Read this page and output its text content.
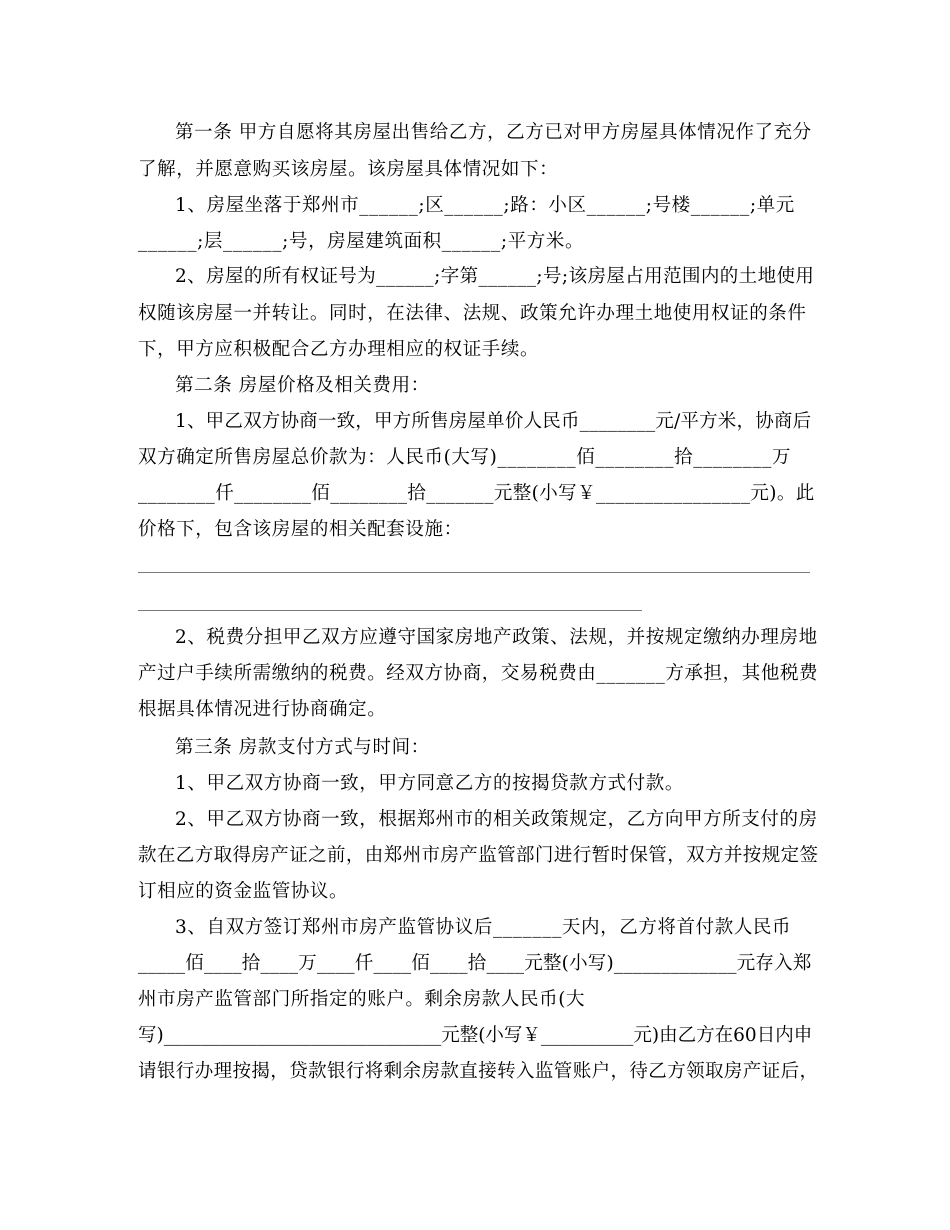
第一条 甲方自愿将其房屋出售给乙方，乙方已对甲方房屋具体情况作了充分
了解，并愿意购买该房屋。该房屋具体情况如下：
1、房屋坐落于郑州市______;区______;路：小区______;号楼______;单元
______;层______;号，房屋建筑面积______;平方米。
2、房屋的所有权证号为______;字第______;号;该房屋占用范围内的土地使用
权随该房屋一并转让。同时，在法律、法规、政策允许办理土地使用权证的条件
下，甲方应积极配合乙方办理相应的权证手续。
第二条 房屋价格及相关费用：
1、甲乙双方协商一致，甲方所售房屋单价人民币________元/平方米，协商后
双方确定所售房屋总价款为：人民币(大写)________佰________拾________万
________仟________佰________拾_______元整(小写￥________________元)。此
价格下，包含该房屋的相关配套设施：
2、税费分担甲乙双方应遵守国家房地产政策、法规，并按规定缴纳办理房地
产过户手续所需缴纳的税费。经双方协商，交易税费由_______方承担，其他税费
根据具体情况进行协商确定。
第三条 房款支付方式与时间：
1、甲乙双方协商一致，甲方同意乙方的按揭贷款方式付款。
2、甲乙双方协商一致，根据郑州市的相关政策规定，乙方向甲方所支付的房
款在乙方取得房产证之前，由郑州市房产监管部门进行暂时保管，双方并按规定签
订相应的资金监管协议。
3、自双方签订郑州市房产监管协议后_______天内，乙方将首付款人民币
_____佰____拾____万____仟____佰____拾____元整(小写)_____________元存入郑
州市房产监管部门所指定的账户。剩余房款人民币(大
写)______________________________元整(小写￥__________元)由乙方在60日内申
请银行办理按揭，贷款银行将剩余房款直接转入监管账户，待乙方领取房产证后，
